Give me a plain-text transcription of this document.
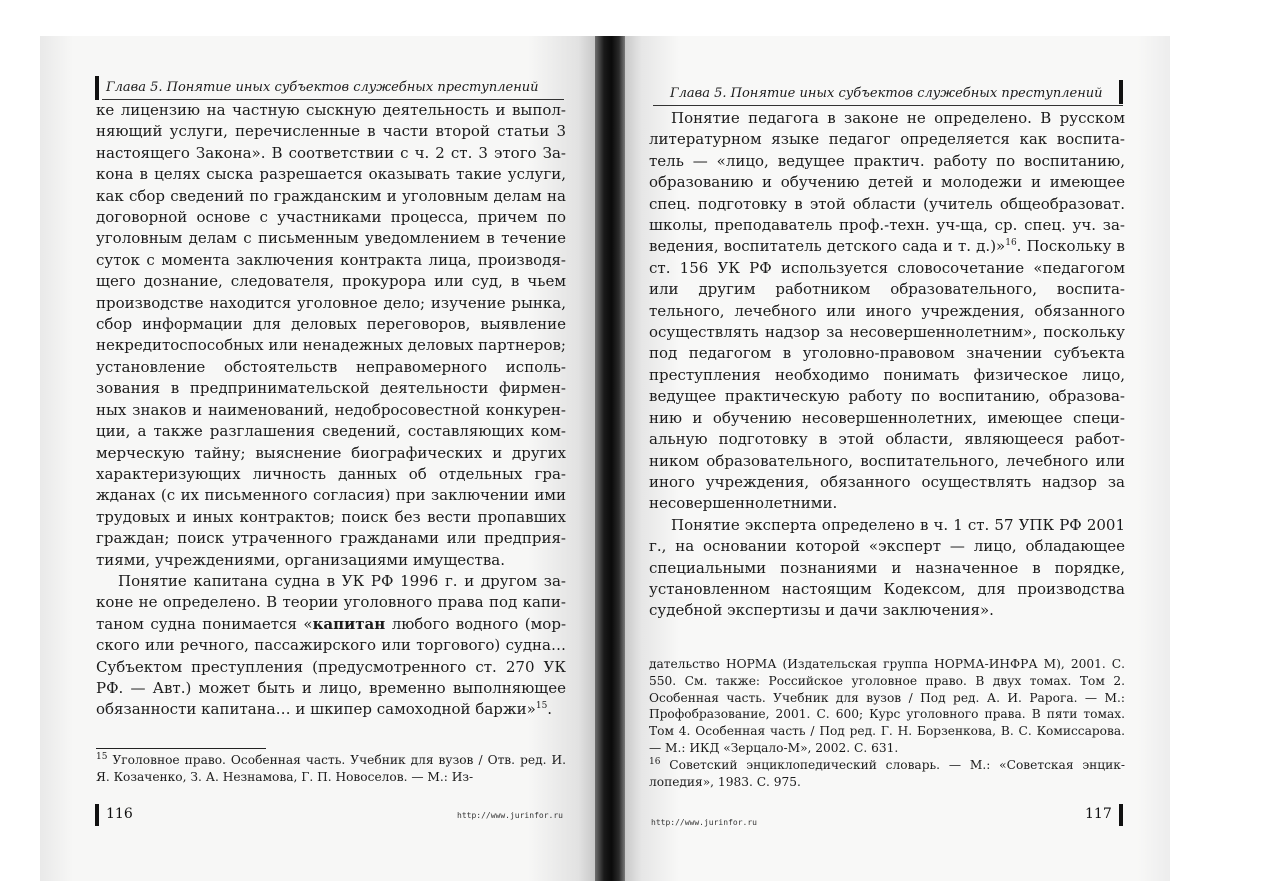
Глава 5. Понятие иных субъектов служебных преступлений

ке лицензию на частную сыскную деятельность и выполняющий услуги, перечисленные в части второй статьи 3 настоящего Закона». В соответствии с ч. 2 ст. 3 этого Закона в целях сыска разрешается оказывать такие услуги, как сбор сведений по гражданским и уголовным делам на договорной основе с участниками процесса, причем по уголовным делам с письменным уведомлением в течение суток с момента заключения контракта лица, производящего дознание, следователя, прокурора или суд, в чьем производстве находится уголовное дело; изучение рынка, сбор информации для деловых переговоров, выявление некредитоспособных или ненадежных деловых партнеров; установление обстоятельств неправомерного использования в предпринимательской деятельности фирменных знаков и наименований, недобросовестной конкуренции, а также разглашения сведений, составляющих коммерческую тайну; выяснение биографических и других характеризующих личность данных об отдельных гражданах (с их письменного согласия) при заключении ими трудовых и иных контрактов; поиск без вести пропавших граждан; поиск утраченного гражданами или предприятиями, учреждениями, организациями имущества.

Понятие капитана судна в УК РФ 1996 г. и другом законе не определено. В теории уголовного права под капитаном судна понимается «капитан любого водного (морского или речного, пассажирского или торгового) судна… Субъектом преступления (предусмотренного ст. 270 УК РФ. — Авт.) может быть и лицо, временно выполняющее обязанности капитана… и шкипер самоходной баржи»$^{15}$.

$^{15}$ Уголовное право. Особенная часть. Учебник для вузов / Отв. ред. И. Я. Козаченко, З. А. Незнамова, Г. П. Новоселов. — М.: Из-

116	http://www.jurinfor.ru
Глава 5. Понятие иных субъектов служебных преступлений

Понятие педагога в законе не определено. В русском литературном языке педагог определяется как воспитатель — «лицо, ведущее практич. работу по воспитанию, образованию и обучению детей и молодежи и имеющее спец. подготовку в этой области (учитель общеобразоват. школы, преподаватель проф.-техн. уч-ща, ср. спец. уч. заведения, воспитатель детского сада и т. д.)»$^{16}$. Поскольку в ст. 156 УК РФ используется словосочетание «педагогом или другим работником образовательного, воспитательного, лечебного или иного учреждения, обязанного осуществлять надзор за несовершеннолетним», поскольку под педагогом в уголовно-правовом значении субъекта преступления необходимо понимать физическое лицо, ведущее практическую работу по воспитанию, образованию и обучению несовершеннолетних, имеющее специальную подготовку в этой области, являющееся работником образовательного, воспитательного, лечебного или иного учреждения, обязанного осуществлять надзор за несовершеннолетними.

Понятие эксперта определено в ч. 1 ст. 57 УПК РФ 2001 г., на основании которой «эксперт — лицо, обладающее специальными познаниями и назначенное в порядке, установленном настоящим Кодексом, для производства судебной экспертизы и дачи заключения».

дательство НОРМА (Издательская группа НОРМА-ИНФРА М), 2001. С. 550. См. также: Российское уголовное право. В двух томах. Том 2. Особенная часть. Учебник для вузов / Под ред. А. И. Рарога. — М.: Профобразование, 2001. С. 600; Курс уголовного права. В пяти томах. Том 4. Особенная часть / Под ред. Г. Н. Борзенкова, В. С. Комиссарова. — М.: ИКД «Зерцало-М», 2002. С. 631.

$^{16}$ Советский энциклопедический словарь. — М.: «Советская энциклопедия», 1983. С. 975.

http://www.jurinfor.ru
117
